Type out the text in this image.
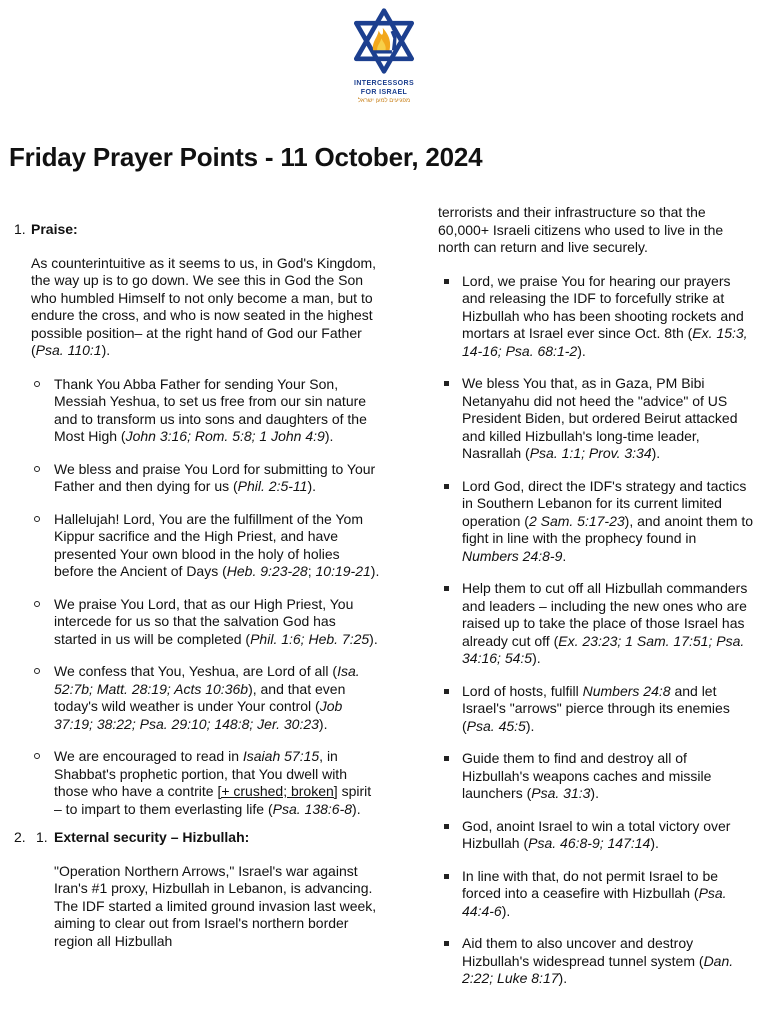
INTERCESSORS
FOR ISRAEL
מפגיעים למען ישראל
Friday Prayer Points - 11 October, 2024
1. Praise:

As counterintuitive as it seems to us, in God's Kingdom, the way up is to go down. We see this in God the Son who humbled Himself to not only become a man, but to endure the cross, and who is now seated in the highest possible position– at the right hand of God our Father (Psa. 110:1).

Thank You Abba Father for sending Your Son, Messiah Yeshua, to set us free from our sin nature and to transform us into sons and daughters of the Most High (John 3:16; Rom. 5:8; 1 John 4:9).
We bless and praise You Lord for submitting to Your Father and then dying for us (Phil. 2:5-11).
Hallelujah! Lord, You are the fulfillment of the Yom Kippur sacrifice and the High Priest, and have presented Your own blood in the holy of holies before the Ancient of Days (Heb. 9:23-28; 10:19-21).
We praise You Lord, that as our High Priest, You intercede for us so that the salvation God has started in us will be completed (Phil. 1:6; Heb. 7:25).
We confess that You, Yeshua, are Lord of all (Isa. 52:7b; Matt. 28:19; Acts 10:36b), and that even today's wild weather is under Your control (Job 37:19; 38:22; Psa. 29:10; 148:8; Jer. 30:23).
We are encouraged to read in Isaiah 57:15, in Shabbat's prophetic portion, that You dwell with those who have a contrite [+ crushed; broken] spirit – to impart to them everlasting life (Psa. 138:6-8).
2. 1. External security – Hizbullah:

"Operation Northern Arrows," Israel's war against Iran's #1 proxy, Hizbullah in Lebanon, is advancing. The IDF started a limited ground invasion last week, aiming to clear out from Israel's northern border region all Hizbullah

terrorists and their infrastructure so that the 60,000+ Israeli citizens who used to live in the north can return and live securely.

Lord, we praise You for hearing our prayers and releasing the IDF to forcefully strike at Hizbullah who has been shooting rockets and mortars at Israel ever since Oct. 8th (Ex. 15:3, 14-16; Psa. 68:1-2).
We bless You that, as in Gaza, PM Bibi Netanyahu did not heed the "advice" of US President Biden, but ordered Beirut attacked and killed Hizbullah's long-time leader, Nasrallah (Psa. 1:1; Prov. 3:34).
Lord God, direct the IDF's strategy and tactics in Southern Lebanon for its current limited operation (2 Sam. 5:17-23), and anoint them to fight in line with the prophecy found in Numbers 24:8-9.
Help them to cut off all Hizbullah commanders and leaders – including the new ones who are raised up to take the place of those Israel has already cut off (Ex. 23:23; 1 Sam. 17:51; Psa. 34:16; 54:5).
Lord of hosts, fulfill Numbers 24:8 and let Israel's "arrows" pierce through its enemies (Psa. 45:5).
Guide them to find and destroy all of Hizbullah's weapons caches and missile launchers (Psa. 31:3).
God, anoint Israel to win a total victory over Hizbullah (Psa. 46:8-9; 147:14).
In line with that, do not permit Israel to be forced into a ceasefire with Hizbullah (Psa. 44:4-6).
Aid them to also uncover and destroy Hizbullah's widespread tunnel system (Dan. 2:22; Luke 8:17).
